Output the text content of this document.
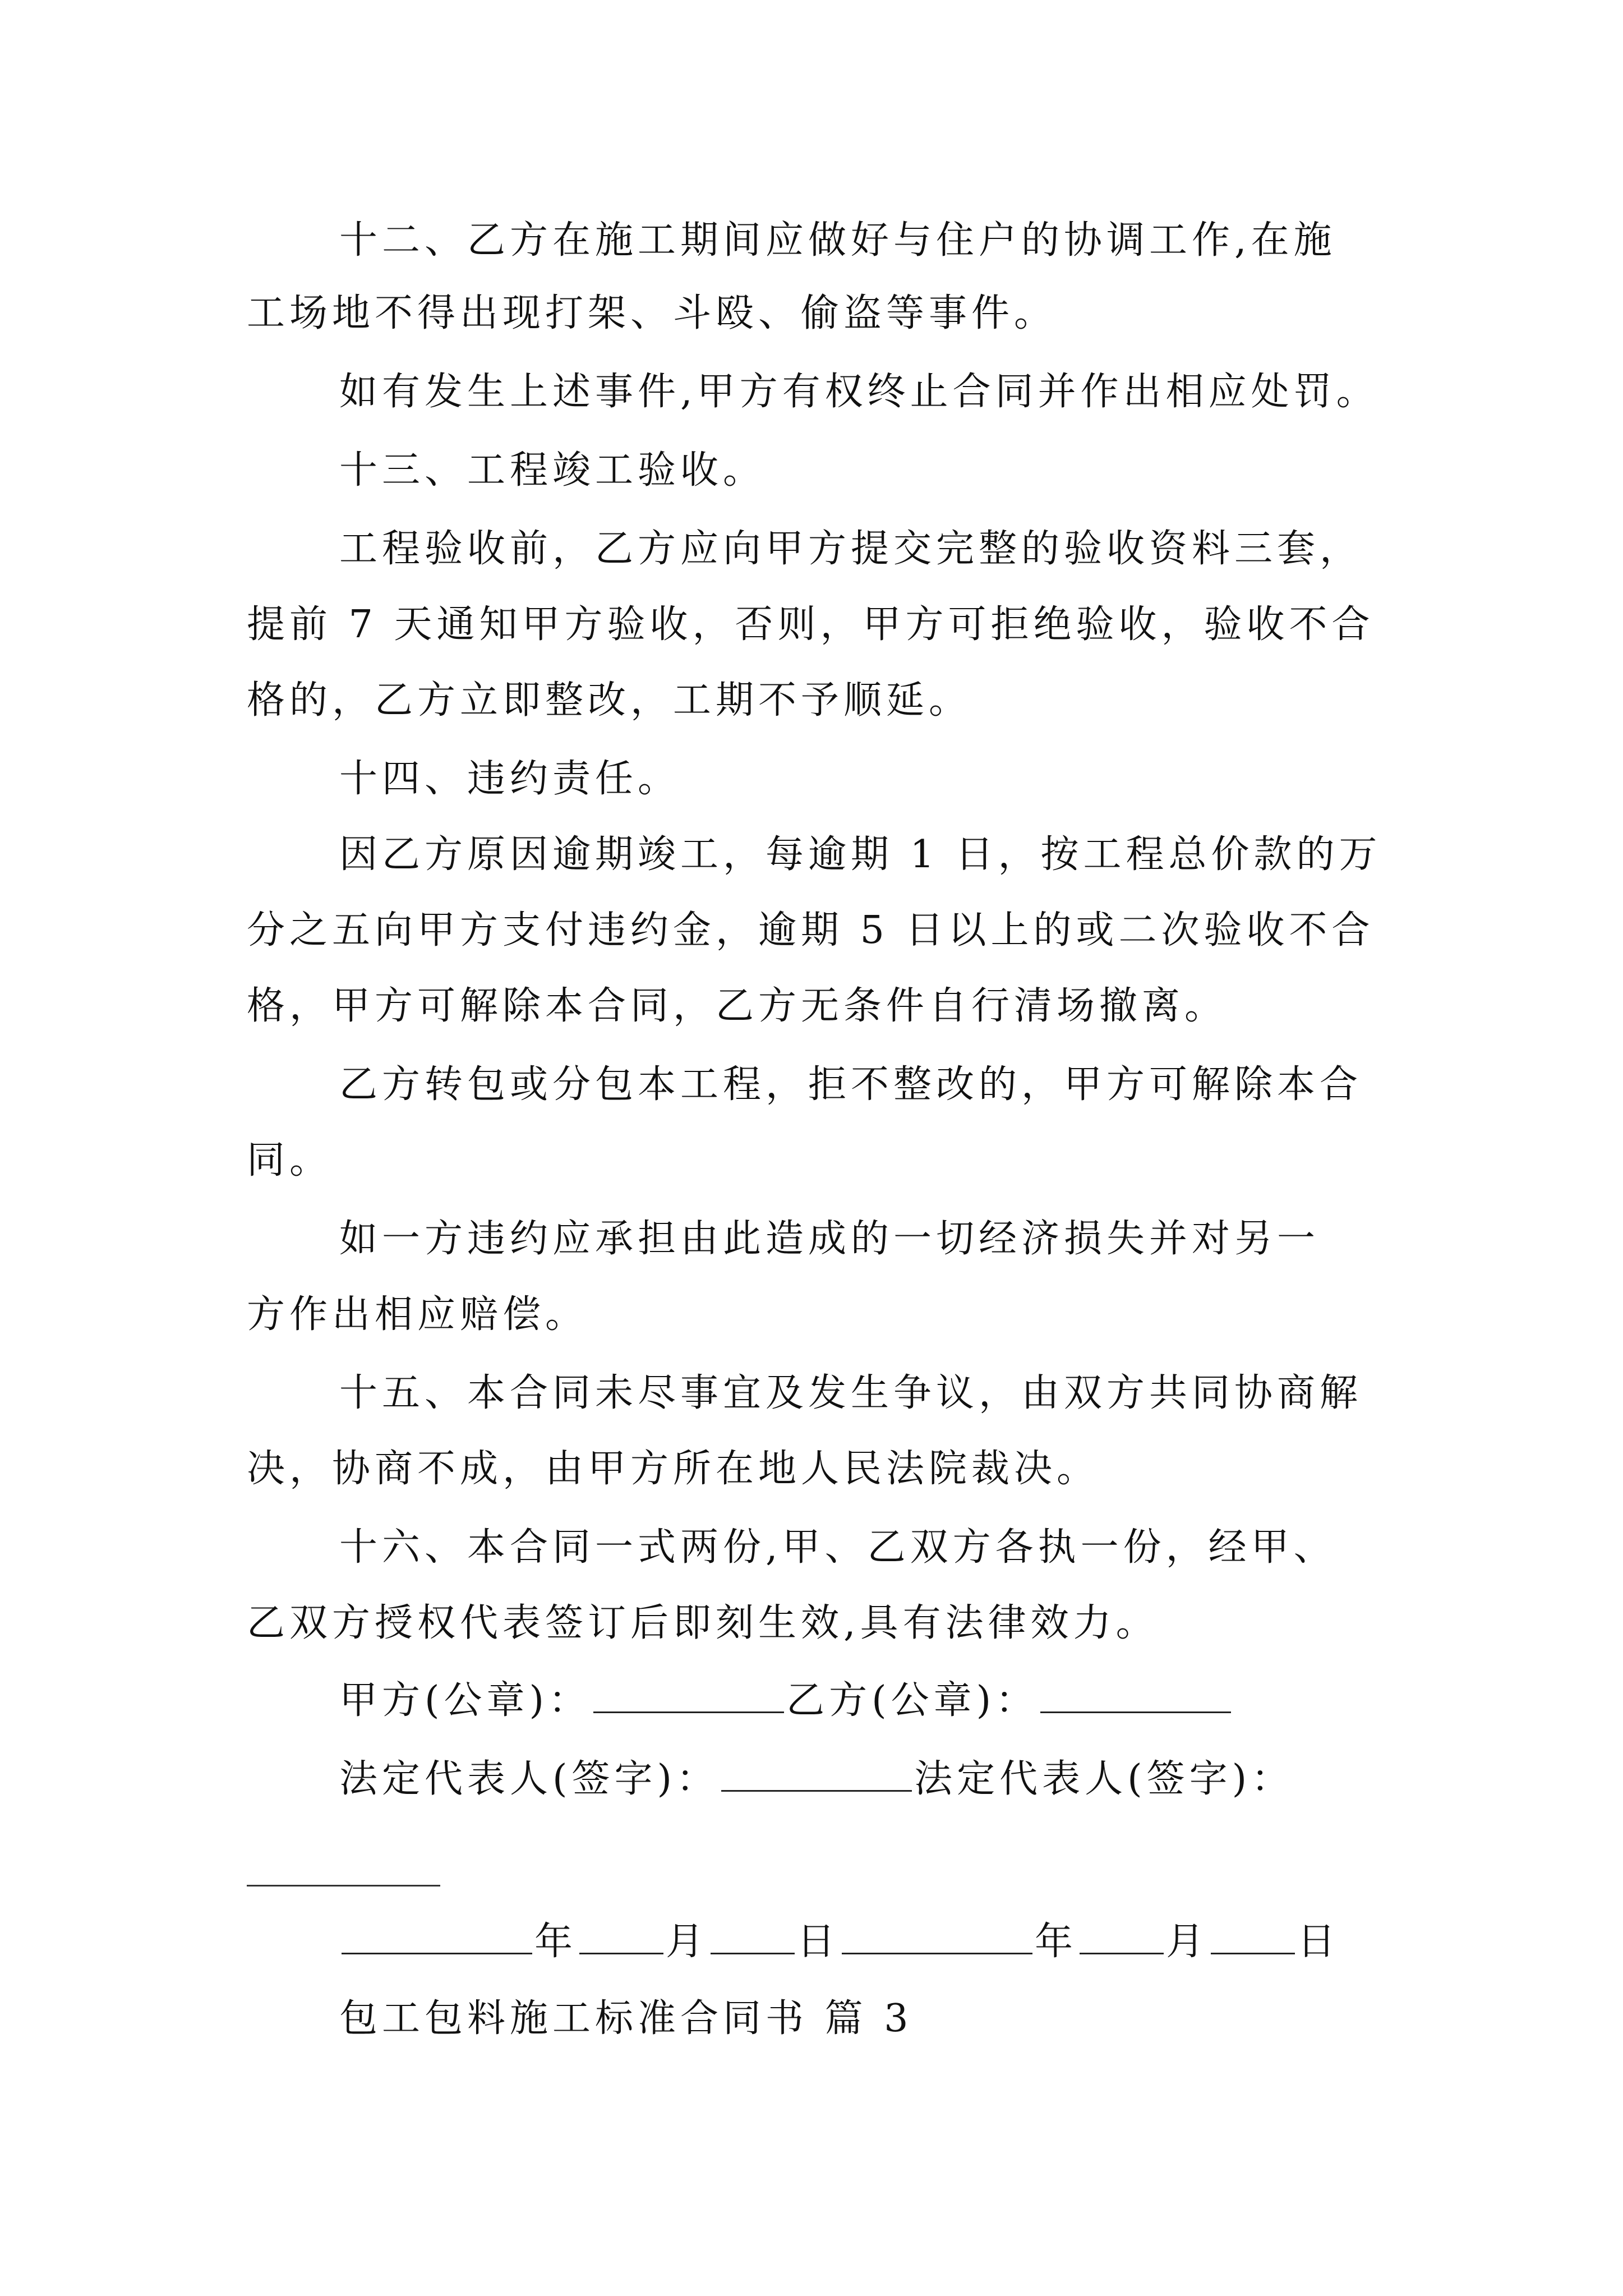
十二、乙方在施工期间应做好与住户的协调工作,在施
工场地不得出现打架、斗殴、偷盗等事件。
如有发生上述事件,甲方有权终止合同并作出相应处罚。
十三、工程竣工验收。
工程验收前，乙方应向甲方提交完整的验收资料三套，
提前 7 天通知甲方验收，否则，甲方可拒绝验收，验收不合
格的，乙方立即整改，工期不予顺延。
十四、违约责任。
因乙方原因逾期竣工，每逾期 1 日，按工程总价款的万
分之五向甲方支付违约金，逾期 5 日以上的或二次验收不合
格，甲方可解除本合同，乙方无条件自行清场撤离。
乙方转包或分包本工程，拒不整改的，甲方可解除本合
同。
如一方违约应承担由此造成的一切经济损失并对另一
方作出相应赔偿。
十五、本合同未尽事宜及发生争议，由双方共同协商解
决，协商不成，由甲方所在地人民法院裁决。
十六、本合同一式两份,甲、乙双方各执一份，经甲、
乙双方授权代表签订后即刻生效,具有法律效力。
甲方(公章)：	乙方(公章)：
法定代表人(签字)：	法定代表人(签字)：
年 月 日	年 月 日
包工包料施工标准合同书 篇 3
